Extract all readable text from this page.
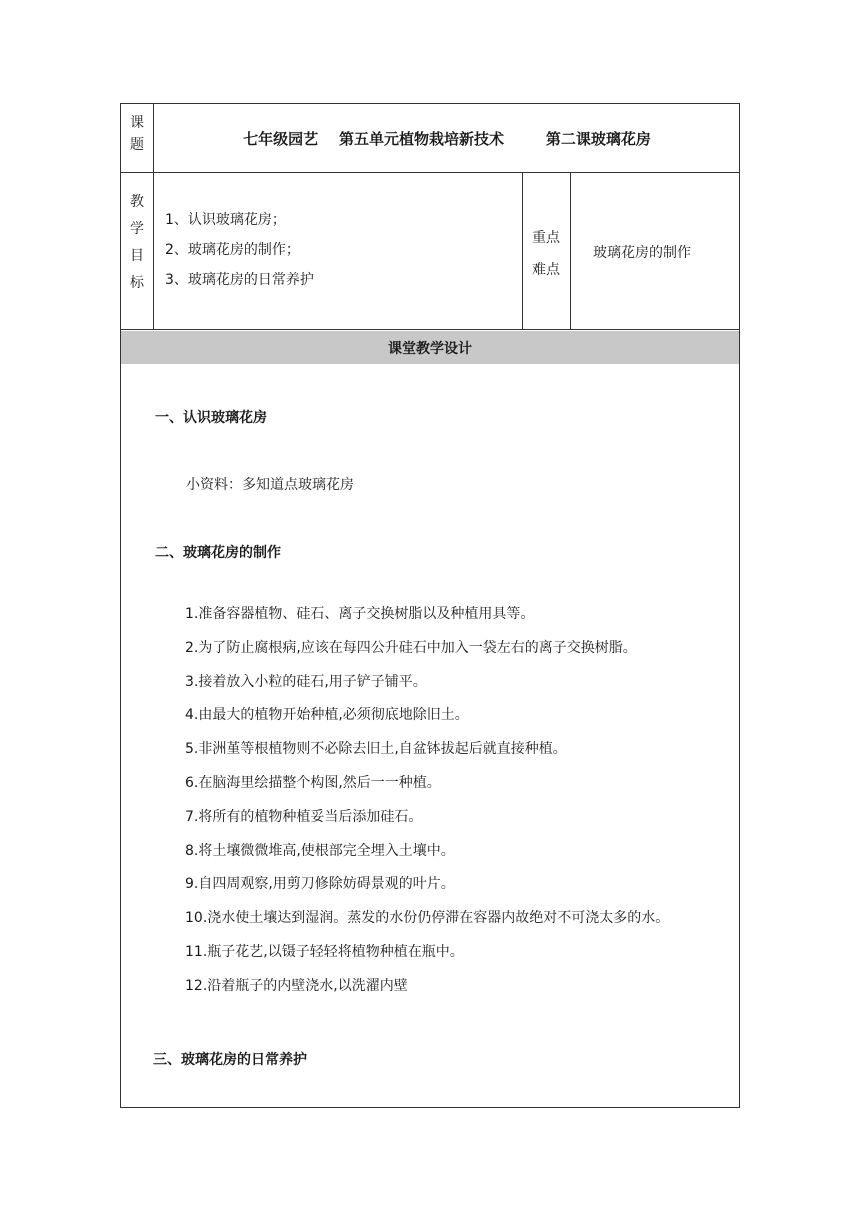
课
题	七年级园艺
第五单元植物栽培新技术
	第二课玻璃花房
教
学
目
标
1、认识玻璃花房；
2、玻璃花房的制作；
3、玻璃花房的日常养护
重点
难点
玻璃花房的制作
课堂教学设计
一、认识玻璃花房
小资料：多知道点玻璃花房
二、玻璃花房的制作
1.准备容器植物、硅石、离子交换树脂以及种植用具等。
2.为了防止腐根病,应该在每四公升硅石中加入一袋左右的离子交换树脂。
3.接着放入小粒的硅石,用子铲子铺平。
4.由最大的植物开始种植,必须彻底地除旧土。
5.非洲堇等根植物则不必除去旧土,自盆钵拔起后就直接种植。
6.在脑海里绘描整个构图,然后一一种植。
7.将所有的植物种植妥当后添加硅石。
8.将土壤微微堆高,使根部完全埋入土壤中。
9.自四周观察,用剪刀修除妨碍景观的叶片。
10.浇水使土壤达到湿润。蒸发的水份仍停滞在容器内故绝对不可浇太多的水。
11.瓶子花艺,以镊子轻轻将植物种植在瓶中。
12.沿着瓶子的内壁浇水,以洗濯内壁
三、玻璃花房的日常养护
